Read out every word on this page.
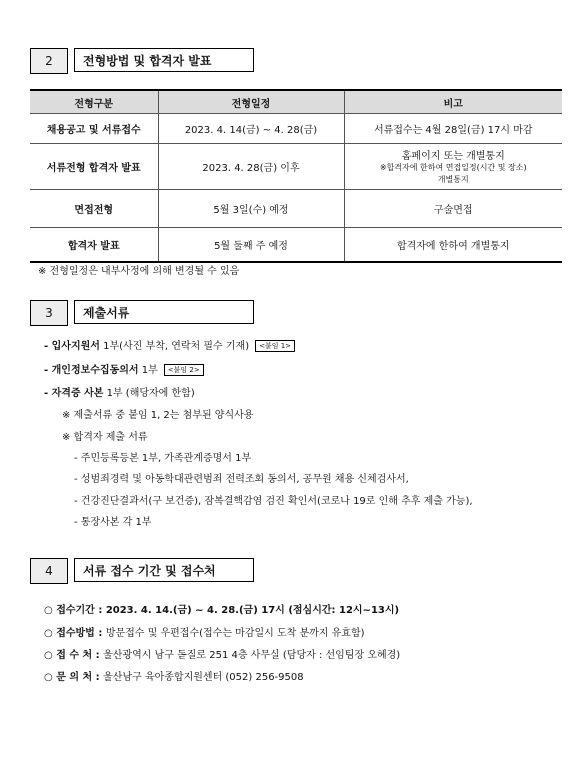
2	전형방법 및 합격자 발표
전형구분	전형일정	비고
채용공고 및 서류접수	2023. 4. 14(금) ~ 4. 28(금)	서류접수는 4월 28일(금) 17시 마감
서류전형 합격자 발표	2023. 4. 28(금) 이후	홈페이지 또는 개별통지
※합격자에 한하여 면접일정(시간 및 장소)
개별통지

면접전형	5월 3일(수) 예정	구술면접
합격자 발표	5월 둘째 주 예정	합격자에 한하여 개별통지
※ 전형일정은 내부사정에 의해 변경될 수 있음
3	제출서류
- 입사지원서 1부(사진 부착, 연락처 필수 기재) <붙임 1>
- 개인정보수집동의서 1부 <붙임 2>
- 자격증 사본 1부 (해당자에 한함)
※ 제출서류 중 붙임 1, 2는 첨부된 양식사용
※ 합격자 제출 서류
- 주민등록등본 1부, 가족관계증명서 1부
- 성범죄경력 및 아동학대관련범죄 전력조회 동의서, 공무원 채용 신체검사서,
- 건강진단결과서(구 보건증), 잠복결핵감염 검진 확인서(코로나 19로 인해 추후 제출 가능),
- 통장사본 각 1부
4	서류 접수 기간 및 접수처
○ 접수기간 : 2023. 4. 14.(금) ~ 4. 28.(금) 17시 (점심시간: 12시~13시)
○ 접수방법 : 방문접수 및 우편접수(접수는 마감일시 도착 분까지 유효함)
○ 접 수 처 : 울산광역시 남구 돋질로 251 4층 사무실 (담당자 : 선임팀장 오혜경)
○ 문 의 처 : 울산남구 육아종합지원센터 (052) 256-9508
